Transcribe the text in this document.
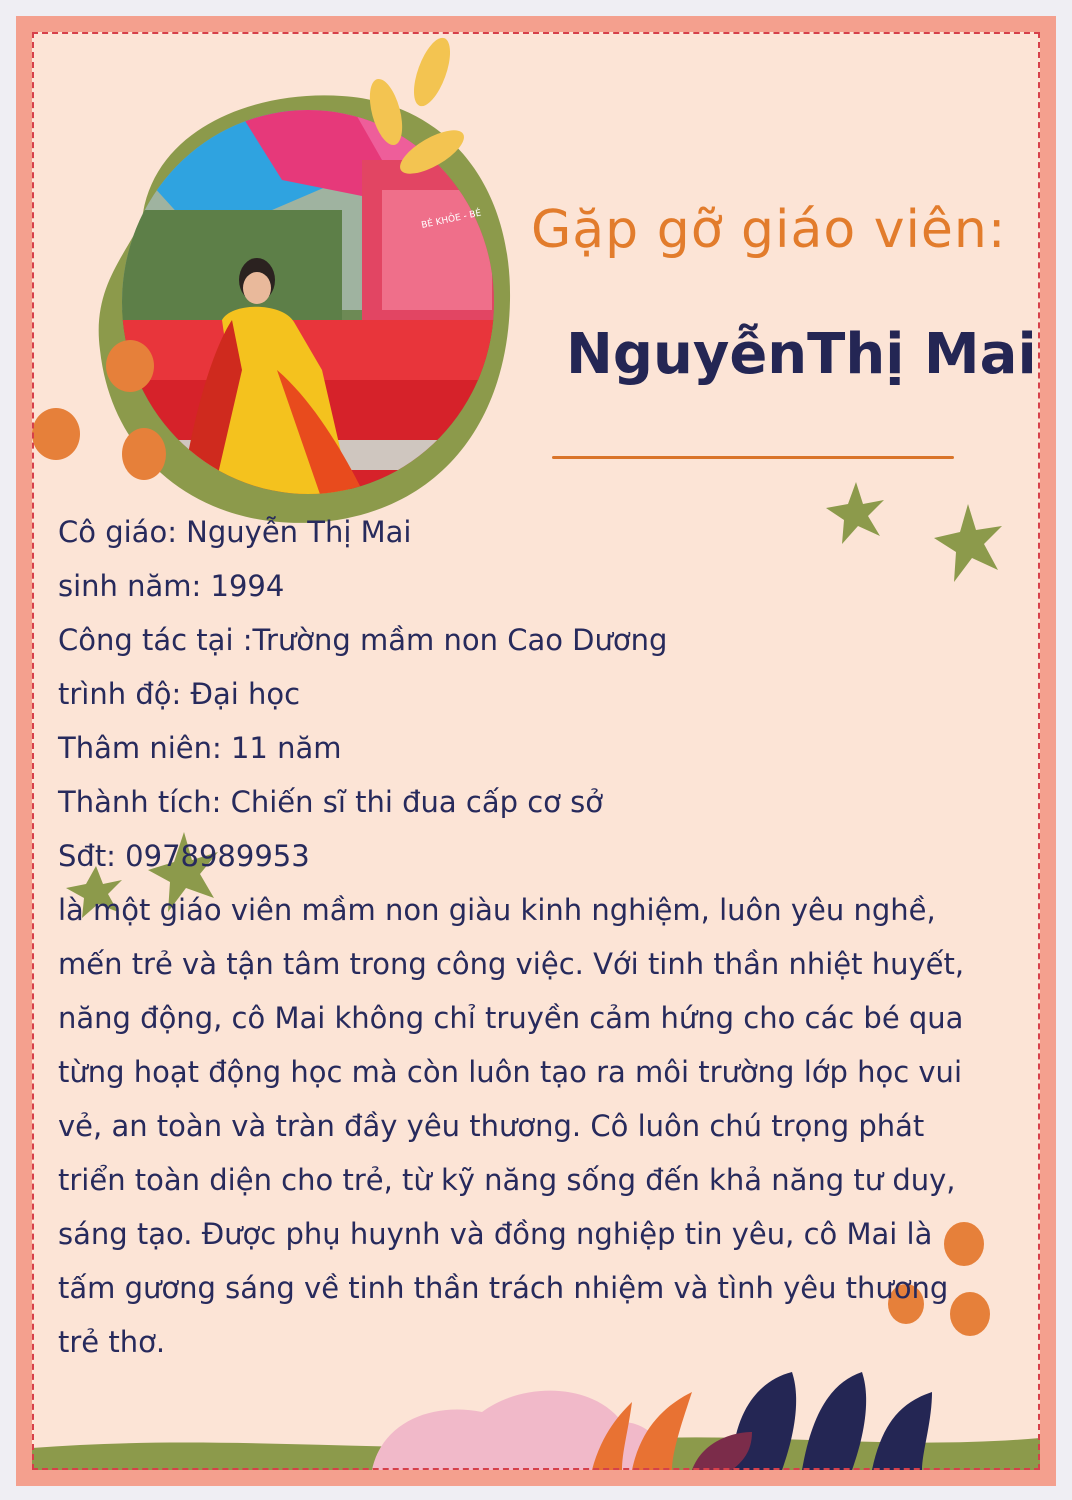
BÉ KHỎE - BÉ Gặp gỡ giáo viên:
NguyễnThị Mai
Cô giáo: Nguyễn Thị Mai
sinh năm: 1994
Công tác tại :Trường mầm non Cao Dương
trình độ: Đại học
Thâm niên: 11 năm
Thành tích: Chiến sĩ thi đua cấp cơ sở
Sđt: 0978989953

là một giáo viên mầm non giàu kinh nghiệm, luôn yêu nghề, mến trẻ và tận tâm trong công việc. Với tinh thần nhiệt huyết, năng động, cô Mai không chỉ truyền cảm hứng cho các bé qua từng hoạt động học mà còn luôn tạo ra môi trường lớp học vui vẻ, an toàn và tràn đầy yêu thương. Cô luôn chú trọng phát triển toàn diện cho trẻ, từ kỹ năng sống đến khả năng tư duy, sáng tạo. Được phụ huynh và đồng nghiệp tin yêu, cô Mai là tấm gương sáng về tinh thần trách nhiệm và tình yêu thương trẻ thơ.
